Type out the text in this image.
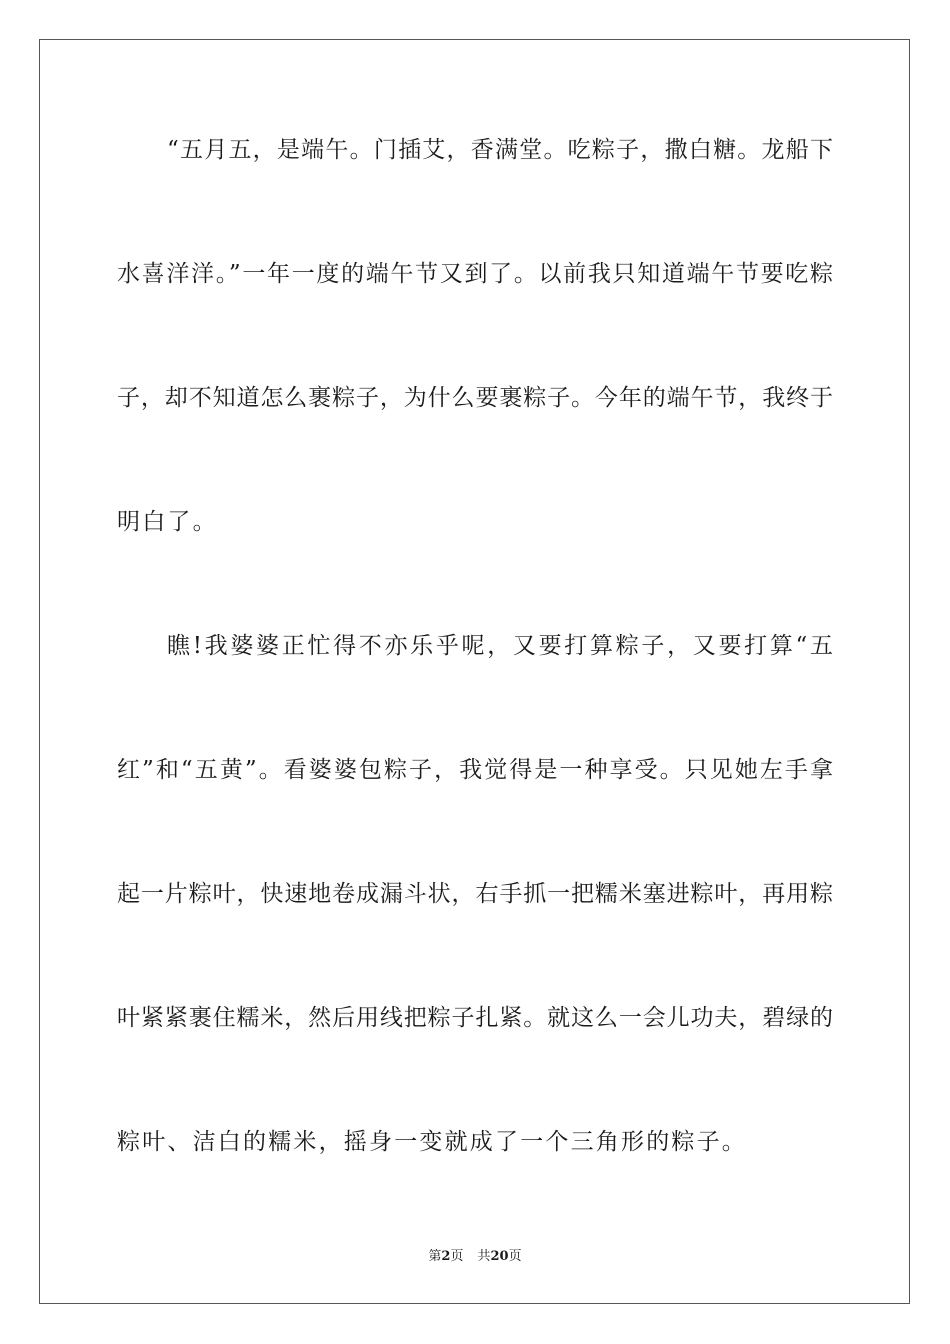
“五月五，是端午。门插艾，香满堂。吃粽子，撒白糖。龙船下
水喜洋洋。”一年一度的端午节又到了。以前我只知道端午节要吃粽
子，却不知道怎么裹粽子，为什么要裹粽子。今年的端午节，我终于
明白了。
瞧!我婆婆正忙得不亦乐乎呢，又要打算粽子，又要打算“五
红”和“五黄”。看婆婆包粽子，我觉得是一种享受。只见她左手拿
起一片粽叶，快速地卷成漏斗状，右手抓一把糯米塞进粽叶，再用粽
叶紧紧裹住糯米，然后用线把粽子扎紧。就这么一会儿功夫，碧绿的
粽叶、洁白的糯米，摇身一变就成了一个三角形的粽子。
第2页 共20页
